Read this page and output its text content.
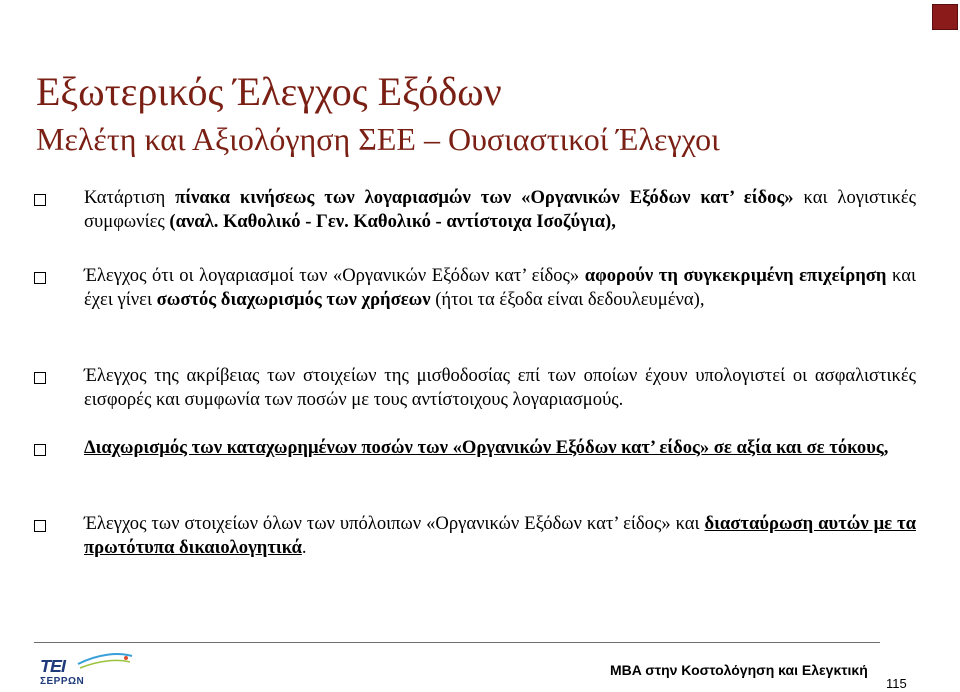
Εξωτερικός Έλεγχος Εξόδων
Μελέτη και Αξιολόγηση ΣΕΕ – Ουσιαστικοί Έλεγχοι

Κατάρτιση πίνακα κινήσεως των λογαριασμών των «Οργανικών Εξόδων κατ’ είδος» και λογιστικές συμφωνίες (αναλ. Καθολικό - Γεν. Καθολικό - αντίστοιχα Ισοζύγια),

Έλεγχος ότι οι λογαριασμοί των «Οργανικών Εξόδων κατ’ είδος» αφορούν τη συγκεκριμένη επιχείρηση και έχει γίνει σωστός διαχωρισμός των χρήσεων (ήτοι τα έξοδα είναι δεδουλευμένα),

Έλεγχος της ακρίβειας των στοιχείων της μισθοδοσίας επί των οποίων έχουν υπολογιστεί οι ασφαλιστικές εισφορές και συμφωνία των ποσών με τους αντίστοιχους λογαριασμούς.

Διαχωρισμός των καταχωρημένων ποσών των «Οργανικών Εξόδων κατ’ είδος» σε αξία και σε τόκους,

Έλεγχος των στοιχείων όλων των υπόλοιπων «Οργανικών Εξόδων κατ’ είδος» και διασταύρωση αυτών με τα πρωτότυπα δικαιολογητικά.

ΤΕΙ
ΣΕΡΡΩΝ
MBA στην Κοστολόγηση και Ελεγκτική
115
